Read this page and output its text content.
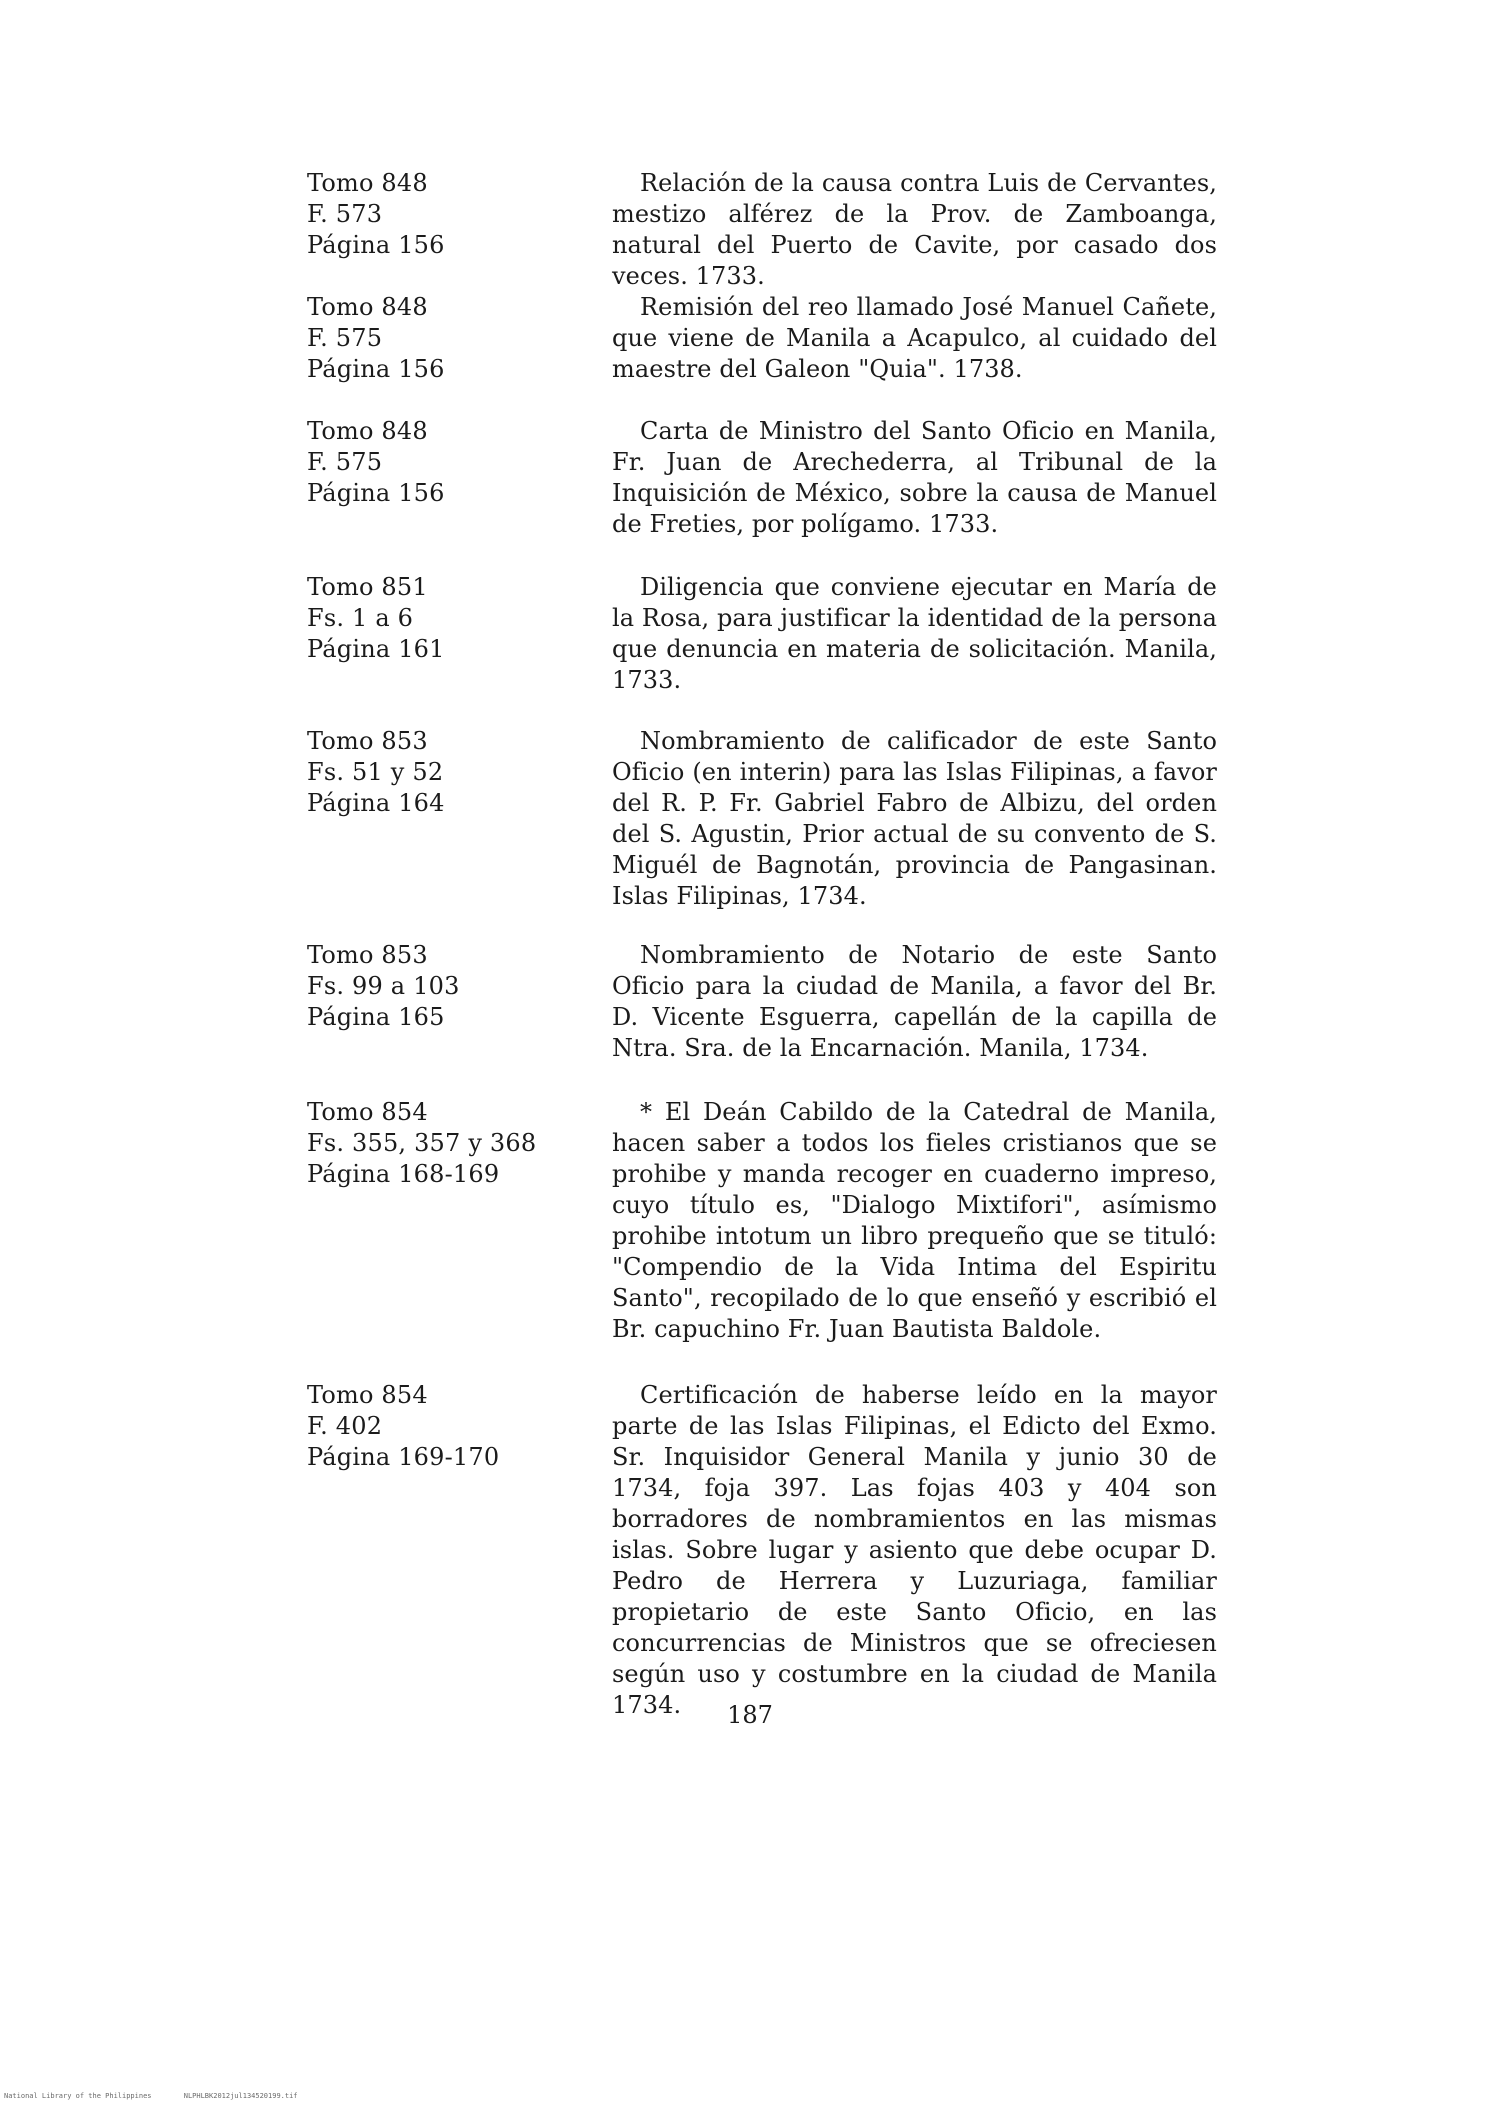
Tomo 848
F. 573
Página 156
Relación de la causa contra Luis de Cervantes, mestizo alférez de la Prov. de Zamboanga, natural del Puerto de Cavite, por casado dos veces. 1733.
Tomo 848
F. 575
Página 156
Remisión del reo llamado José Manuel Cañete, que viene de Manila a Acapulco, al cuidado del maestre del Galeon "Quia". 1738.
Tomo 848
F. 575
Página 156
Carta de Ministro del Santo Oficio en Manila, Fr. Juan de Arechederra, al Tribunal de la Inquisición de México, sobre la causa de Manuel de Freties, por polígamo. 1733.
Tomo 851
Fs. 1 a 6
Página 161
Diligencia que conviene ejecutar en María de la Rosa, para justificar la identidad de la persona que denuncia en materia de solicitación. Manila, 1733.
Tomo 853
Fs. 51 y 52
Página 164
Nombramiento de calificador de este Santo Oficio (en interin) para las Islas Filipinas, a favor del R. P. Fr. Gabriel Fabro de Albizu, del orden del S. Agustin, Prior actual de su convento de S. Miguél de Bagnotán, provincia de Pangasinan. Islas Filipinas, 1734.
Tomo 853
Fs. 99 a 103
Página 165
Nombramiento de Notario de este Santo Oficio para la ciudad de Manila, a favor del Br. D. Vicente Esguerra, capellán de la capilla de Ntra. Sra. de la Encarnación. Manila, 1734.
Tomo 854
Fs. 355, 357 y 368
Página 168-169
* El Deán Cabildo de la Catedral de Manila, hacen saber a todos los fieles cristianos que se prohibe y manda recoger en cuaderno impreso, cuyo título es, "Dialogo Mixtifori", asímismo prohibe intotum un libro prequeño que se tituló: "Compendio de la Vida Intima del Espiritu Santo", recopilado de lo que enseñó y escribió el Br. capuchino Fr. Juan Bautista Baldole.
Tomo 854
F. 402
Página 169-170
Certificación de haberse leído en la mayor parte de las Islas Filipinas, el Edicto del Exmo. Sr. Inquisidor General Manila y junio 30 de 1734, foja 397. Las fojas 403 y 404 son borradores de nombramientos en las mismas islas. Sobre lugar y asiento que debe ocupar D. Pedro de Herrera y Luzuriaga, familiar propietario de este Santo Oficio, en las concurrencias de Ministros que se ofreciesen según uso y costumbre en la ciudad de Manila 1734.	187
National Library of the Philippines	NLPHLBK2012jul134520199.tif
